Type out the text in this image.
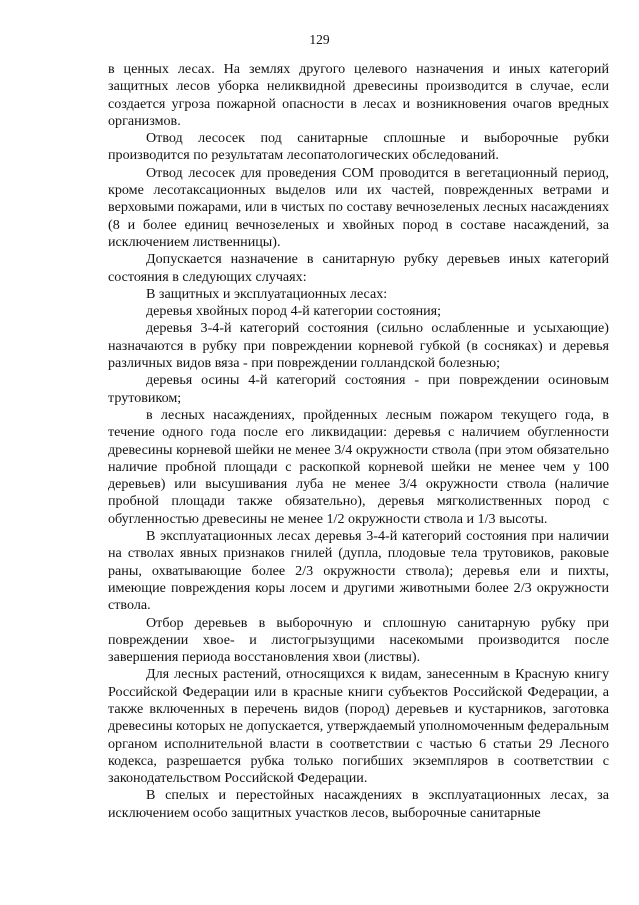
129

в ценных лесах. На землях другого целевого назначения и иных категорий защитных лесов уборка неликвидной древесины производится в случае, если создается угроза пожарной опасности в лесах и возникновения очагов вредных организмов.

Отвод лесосек под санитарные сплошные и выборочные рубки производится по результатам лесопатологических обследований.

Отвод лесосек для проведения СОМ проводится в вегетационный период, кроме лесотаксационных выделов или их частей, поврежденных ветрами и верховыми пожарами, или в чистых по составу вечнозеленых лесных насаждениях (8 и более единиц вечнозеленых и хвойных пород в составе насаждений, за исключением лиственницы).

Допускается назначение в санитарную рубку деревьев иных категорий состояния в следующих случаях:

В защитных и эксплуатационных лесах:

деревья хвойных пород 4-й категории состояния;

деревья 3-4-й категорий состояния (сильно ослабленные и усыхающие) назначаются в рубку при повреждении корневой губкой (в сосняках) и деревья различных видов вяза - при повреждении голландской болезнью;

деревья осины 4-й категорий состояния - при повреждении осиновым трутовиком;

в лесных насаждениях, пройденных лесным пожаром текущего года, в течение одного года после его ликвидации: деревья с наличием обугленности древесины корневой шейки не менее 3/4 окружности ствола (при этом обязательно наличие пробной площади с раскопкой корневой шейки не менее чем у 100 деревьев) или высушивания луба не менее 3/4 окружности ствола (наличие пробной площади также обязательно), деревья мягколиственных пород с обугленностью древесины не менее 1/2 окружности ствола и 1/3 высоты.

В эксплуатационных лесах деревья 3-4-й категорий состояния при наличии на стволах явных признаков гнилей (дупла, плодовые тела трутовиков, раковые раны, охватывающие более 2/3 окружности ствола); деревья ели и пихты, имеющие повреждения коры лосем и другими животными более 2/3 окружности ствола.

Отбор деревьев в выборочную и сплошную санитарную рубку при повреждении хвое- и листогрызущими насекомыми производится после завершения периода восстановления хвои (листвы).

Для лесных растений, относящихся к видам, занесенным в Красную книгу Российской Федерации или в красные книги субъектов Российской Федерации, а также включенных в перечень видов (пород) деревьев и кустарников, заготовка древесины которых не допускается, утверждаемый уполномоченным федеральным органом исполнительной власти в соответствии с частью 6 статьи 29 Лесного кодекса, разрешается рубка только погибших экземпляров в соответствии с законодательством Российской Федерации.

В спелых и перестойных насаждениях в эксплуатационных лесах, за исключением особо защитных участков лесов, выборочные санитарные
